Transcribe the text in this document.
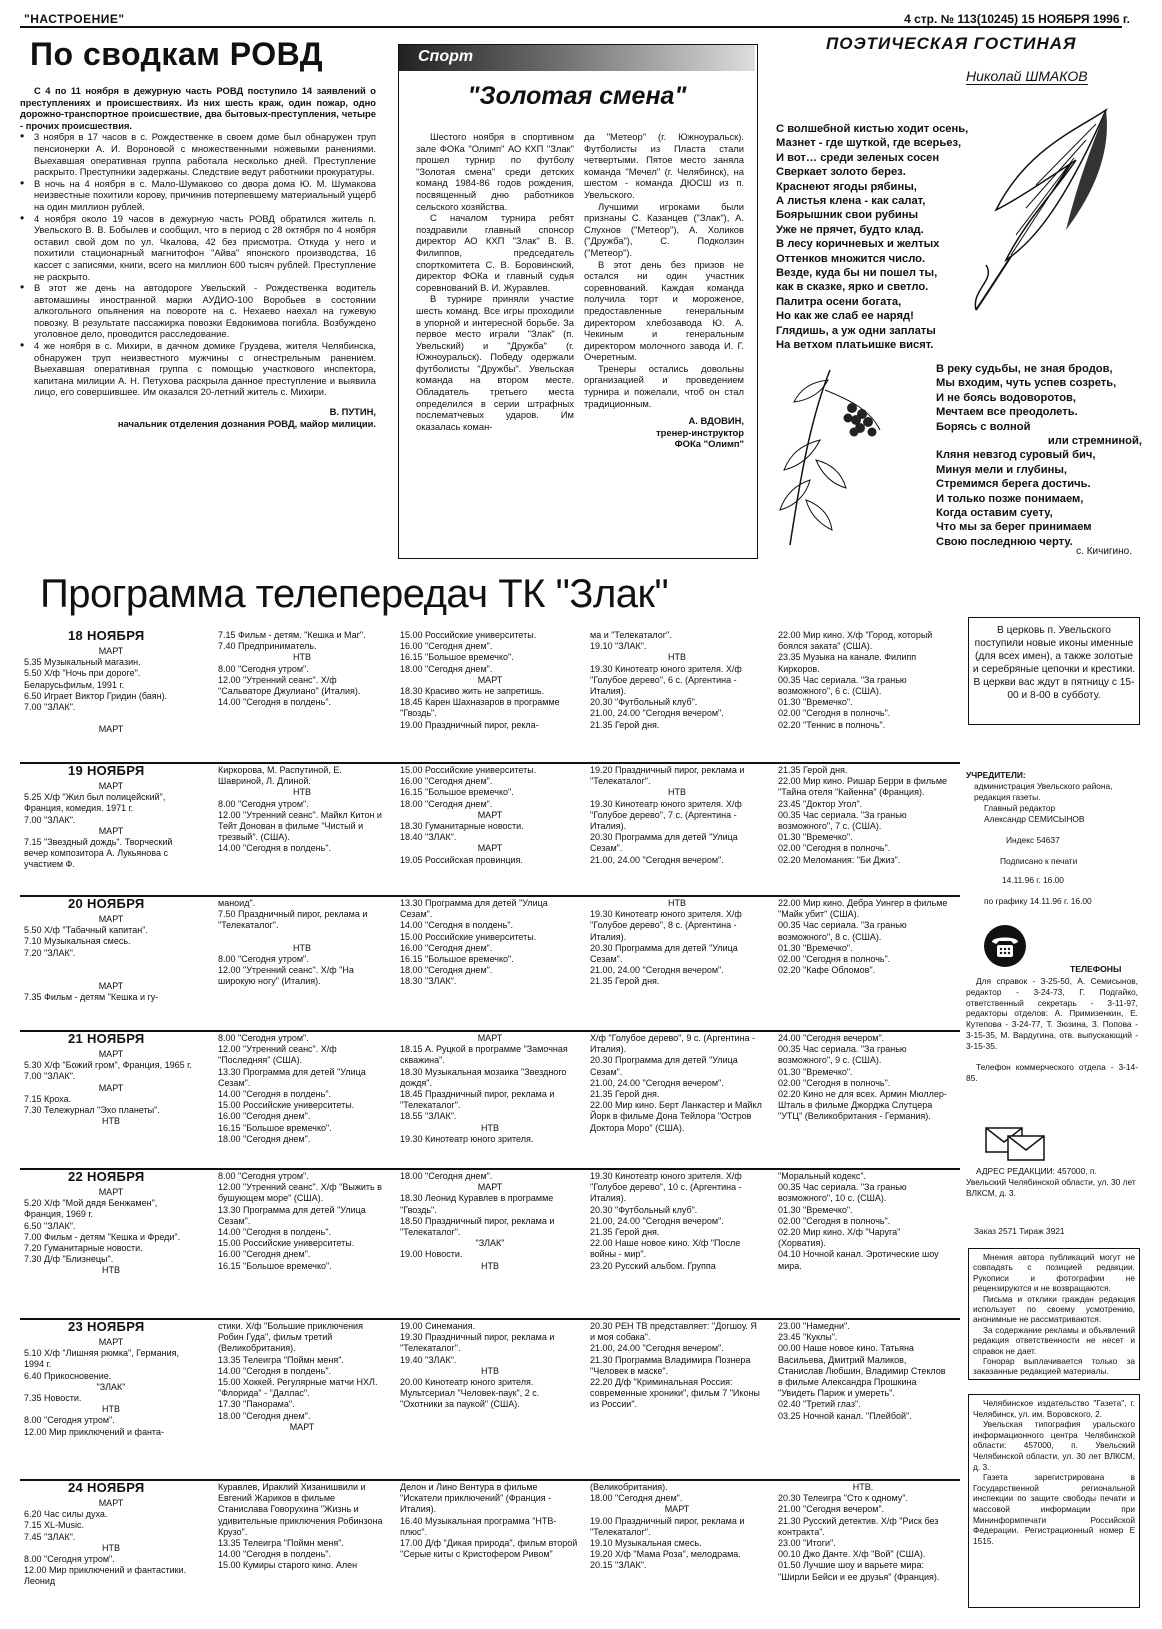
"НАСТРОЕНИЕ"	4 стр. № 113(10245) 15 НОЯБРЯ 1996 г.
По сводкам РОВД

С 4 по 11 ноября в дежурную часть РОВД поступило 14 заявлений о преступлениях и происшествиях. Из них шесть краж, один пожар, одно дорожно-транспортное происшествие, два бытовых-преступления, четыре - прочих происшествия.

• 3 ноября в 17 часов в с. Рождественке в своем доме был обнаружен труп пенсионерки А. И. Вороновой с множественными ножевыми ранениями. Выехавшая оперативная группа работала несколько дней. Преступление раскрыто. Преступники задержаны. Следствие ведут работники прокуратуры.

• В ночь на 4 ноября в с. Мало-Шумаково со двора дома Ю. М. Шумакова неизвестные похитили корову, причинив потерпевшему материальный ущерб на один миллион рублей.

• 4 ноября около 19 часов в дежурную часть РОВД обратился житель п. Увельского В. В. Бобылев и сообщил, что в период с 28 октября по 4 ноября оставил свой дом по ул. Чкалова, 42 без присмотра. Откуда у него и похитили стационарный магнитофон "Айва" японского производства, 16 кассет с записями, книги, всего на миллион 600 тысяч рублей. Преступление не раскрыто.

• В этот же день на автодороге Увельский - Рождественка водитель автомашины иностранной марки АУДИО-100 Воробьев в состоянии алкогольного опьянения на повороте на с. Нехаево наехал на гужевую повозку. В результате пассажирка повозки Евдокимова погибла. Возбуждено уголовное дело, проводится расследование.

• 4 же ноября в с. Михири, в дачном домике Груздева, жителя Челябинска, обнаружен труп неизвестного мужчины с огнестрельным ранением. Выехавшая оперативная группа с помощью участкового инспектора, капитана милиции А. Н. Петухова раскрыла данное преступление и выявила лицо, его совершившее. Им оказался 20-летний житель с. Михири.

В. ПУТИН,
начальник отделения дознания РОВД, майор милиции.
Спорт
"Золотая смена"

Шестого ноября в спортивном зале ФОКа "Олимп" АО КХП "Злак" прошел турнир по футболу "Золотая смена" среди детских команд 1984-86 годов рождения, посвященный дню работников сельского хозяйства.

С началом турнира ребят поздравили главный спонсор директор АО КХП "Злак" В. В. Филиппов, председатель спорткомитета С. В. Боровинский, директор ФОКа и главный судья соревнований В. И. Журавлев.

В турнире приняли участие шесть команд. Все игры проходили в упорной и интересной борьбе. За первое место играли "Злак" (п. Увельский) и "Дружба" (г. Южноуральск). Победу одержали футболисты "Дружбы". Увельская команда на втором месте. Обладатель третьего места определился в серии штрафных послематчевых ударов. Им оказалась коман-

да "Метеор" (г. Южноуральск). Футболисты из Пласта стали четвертыми. Пятое место заняла команда "Мечел" (г. Челябинск), на шестом - команда ДЮСШ из п. Увельского.

Лучшими игроками были признаны С. Казанцев ("Злак"), А. Слухнов ("Метеор"), А. Холиков ("Дружба"), С. Подколзин ("Метеор").

В этот день без призов не остался ни один участник соревнований. Каждая команда получила торт и мороженое, предоставленные генеральным директором хлебозавода Ю. А. Чекиным и генеральным директором молочного завода И. Г. Очеретным.

Тренеры остались довольны организацией и проведением турнира и пожелали, чтоб он стал традиционным.

А. ВДОВИН,
тренер-инструктор
ФОКа "Олимп"
ПОЭТИЧЕСКАЯ ГОСТИНАЯ
Николай ШМАКОВ
С волшебной кистью ходит осень,
Мазнет - где шуткой, где всерьез,
И вот… среди зеленых сосен
Сверкает золото берез.
Краснеют ягоды рябины,
А листья клена - как салат,
Боярышник свои рубины
Уже не прячет, будто клад.
В лесу коричневых и желтых
Оттенков множится число.
Везде, куда бы ни пошел ты,
как в сказке, ярко и светло.
Палитра осени богата,
Но как же слаб ее наряд!
Глядишь, а уж одни заплаты
На ветхом платьишке висят.
В реку судьбы, не зная бродов,
Мы входим, чуть успев созреть,
И не боясь водоворотов,
Мечтаем все преодолеть.
Борясь с волной
или стремниной,
Кляня невзгод суровый бич,
Минуя мели и глубины,
Стремимся берега достичь.
И только позже понимаем,
Когда оставим суету,
Что мы за берег принимаем
Свою последнюю черту.
с. Кичигино.
Программа телепередач ТК "Злак"
18 НОЯБРЯ
МАРТ
5.35 Музыкальный магазин.
5.50 Х/ф "Ночь при дороге". Беларусьфильм, 1991 г.
6.50 Играет Виктор Гридин (баян).
7.00 "ЗЛАК".

МАРТ
7.15 Фильм - детям. "Кешка и Маг".
7.40 Предприниматель.
НТВ
8.00 "Сегодня утром".
12.00 "Утренний сеанс". Х/ф "Сальваторе Джулиано" (Италия).
14.00 "Сегодня в полдень".
15.00 Российские университеты.
16.00 "Сегодня днем".
16.15 "Большое времечко".
18.00 "Сегодня днем".
МАРТ
18.30 Красиво жить не запретишь.
18.45 Карен Шахназаров в программе "Гвоздь".
19.00 Праздничный пирог, рекла-
ма и "Телекаталог".
19.10 "ЗЛАК".
НТВ
19.30 Кинотеатр юного зрителя. Х/ф "Голубое дерево", 6 с. (Аргентина - Италия).
20.30 "Футбольный клуб".
21.00, 24.00 "Сегодня вечером".
21.35 Герой дня.
22.00 Мир кино. Х/ф "Город, который боялся заката" (США).
23.35 Музыка на канале. Филипп Киркоров.
00.35 Час сериала. "За гранью возможного", 6 с. (США).
01.30 "Времечко".
02.00 "Сегодня в полночь".
02.20 "Теннис в полночь".
19 НОЯБРЯ
МАРТ
5.25 Х/ф "Жил был полицейский", Франция, комедия. 1971 г.
7.00 "ЗЛАК".
МАРТ
7.15 "Звездный дождь". Творческий вечер композитора А. Лукьянова с участием Ф.
Киркорова, М. Распутиной, Е. Шавриной, Л. Длиной.
НТВ
8.00 "Сегодня утром".
12.00 "Утренний сеанс". Майкл Китон и Тейт Донован в фильме "Чистый и трезвый". (США).
14.00 "Сегодня в полдень".
15.00 Российские университеты.
16.00 "Сегодня днем".
16.15 "Большое времечко".
18.00 "Сегодня днем".
МАРТ
18.30 Гуманитарные новости.
18.40 "ЗЛАК".
МАРТ
19.05 Российская провинция.
19.20 Праздничный пирог, реклама и "Телекаталог".
НТВ
19.30 Кинотеатр юного зрителя. Х/ф "Голубое дерево", 7 с. (Аргентина - Италия).
20.30 Программа для детей "Улица Сезам".
21.00, 24.00 "Сегодня вечером".
21.35 Герой дня.
22.00 Мир кино. Ришар Берри в фильме "Тайна отеля "Кайенна" (Франция).
23.45 "Доктор Угол".
00.35 Час сериала. "За гранью возможного", 7 с. (США).
01.30 "Времечко".
02.00 "Сегодня в полночь".
02.20 Меломания: "Би Джиз".
20 НОЯБРЯ
МАРТ
5.50 Х/ф "Табачный капитан".
7.10 Музыкальная смесь.
7.20 "ЗЛАК".

МАРТ
7.35 Фильм - детям "Кешка и гу-
маноид".
7.50 Праздничный пирог, реклама и "Телекаталог".

НТВ
8.00 "Сегодня утром".
12.00 "Утренний сеанс". Х/ф "На широкую ногу" (Италия).
13.30 Программа для детей "Улица Сезам".
14.00 "Сегодня в полдень".
15.00 Российские университеты.
16.00 "Сегодня днем".
16.15 "Большое времечко".
18.00 "Сегодня днем".
18.30 "ЗЛАК".
НТВ
19.30 Кинотеатр юного зрителя. Х/ф "Голубое дерево", 8 с. (Аргентина - Италия).
20.30 Программа для детей "Улица Сезам".
21.00, 24.00 "Сегодня вечером".
21.35 Герой дня.
22.00 Мир кино. Дебра Уингер в фильме "Майк убит" (США).
00.35 Час сериала. "За гранью возможного", 8 с. (США).
01.30 "Времечко".
02.00 "Сегодня в полночь".
02.20 "Кафе Обломов".
21 НОЯБРЯ
МАРТ
5.30 Х/ф "Божий гром", Франция, 1965 г.
7.00 "ЗЛАК".
МАРТ
7.15 Кроха.
7.30 Тележурнал "Эхо планеты".
НТВ
8.00 "Сегодня утром".
12.00 "Утренний сеанс". Х/ф "Последняя" (США).
13.30 Программа для детей "Улица Сезам".
14.00 "Сегодня в полдень".
15.00 Российские университеты.
16.00 "Сегодня днем".
16.15 "Большое времечко".
18.00 "Сегодня днем".
МАРТ
18.15 А. Руцкой в программе "Замочная скважина".
18.30 Музыкальная мозаика "Звездного дождя".
18.45 Праздничный пирог, реклама и "Телекаталог".
18.55 "ЗЛАК".
НТВ
19.30 Кинотеатр юного зрителя.
Х/ф "Голубое дерево", 9 с. (Аргентина - Италия).
20.30 Программа для детей "Улица Сезам".
21.00, 24.00 "Сегодня вечером".
21.35 Герой дня.
22.00 Мир кино. Берт Ланкастер и Майкл Йорк в фильме Дона Тейлора "Остров Доктора Моро" (США).
24.00 "Сегодня вечером".
00.35 Час сериала. "За гранью возможного", 9 с. (США).
01.30 "Времечко".
02.00 "Сегодня в полночь".
02.20 Кино не для всех. Армин Мюллер-Шталь в фильме Джорджа Слутцера "УТЦ" (Великобритания - Германия).
22 НОЯБРЯ
МАРТ
5.20 Х/ф "Мой дядя Бенжамен", Франция, 1969 г.
6.50 "ЗЛАК".
7.00 Фильм - детям "Кешка и Фреди".
7.20 Гуманитарные новости.
7.30 Д/ф "Близнецы".
НТВ
8.00 "Сегодня утром".
12.00 "Утренний сеанс". Х/ф "Выжить в бушующем море" (США).
13.30 Программа для детей "Улица Сезам".
14.00 "Сегодня в полдень".
15.00 Российские университеты.
16.00 "Сегодня днем".
16.15 "Большое времечко".
18.00 "Сегодня днем".
МАРТ
18.30 Леонид Куравлев в программе "Гвоздь".
18.50 Праздничный пирог, реклама и "Телекаталог".
"ЗЛАК"
19.00 Новости.
НТВ
19.30 Кинотеатр юного зрителя. Х/ф "Голубое дерево", 10 с. (Аргентина - Италия).
20.30 "Футбольный клуб".
21.00, 24.00 "Сегодня вечером".
21.35 Герой дня.
22.00 Наше новое кино. Х/ф "После войны - мир".
23.20 Русский альбом. Группа
"Моральный кодекс".
00.35 Час сериала. "За гранью возможного", 10 с. (США).
01.30 "Времечко".
02.00 "Сегодня в полночь".
02.20 Мир кино. Х/ф "Чаруга" (Хорватия).
04.10 Ночной канал. Эротические шоу мира.
23 НОЯБРЯ
МАРТ
5.10 Х/ф "Лишняя рюмка", Германия, 1994 г.
6.40 Прикосновение.
"ЗЛАК"
7.35 Новости.
НТВ
8.00 "Сегодня утром".
12.00 Мир приключений и фанта-
стики. Х/ф "Большие приключения Робин Гуда", фильм третий (Великобритания).
13.35 Телеигра "Поймн меня".
14.00 "Сегодня в полдень".
15.00 Хоккей. Регулярные матчи НХЛ. "Флорида" - "Даллас".
17.30 "Панорама".
18.00 "Сегодня днем".
МАРТ
19.00 Синемания.
19.30 Праздничный пирог, реклама и "Телекаталог".
19.40 "ЗЛАК".
НТВ
20.00 Кинотеатр юного зрителя. Мультсериал "Человек-паук", 2 с. "Охотники за паукой" (США).
20.30 РЕН ТВ представляет: "Догшоу. Я и моя собака".
21.00, 24.00 "Сегодня вечером".
21.30 Программа Владимира Познера "Человек в маске".
22.20 Д/ф "Криминальная Россия: современные хроники", фильм 7 "Иконы из России".
23.00 "Намедни".
23.45 "Куклы".
00.00 Наше новое кино. Татьяна Васильева, Дмитрий Маликов, Станислав Любшин, Владимир Стеклов в фильме Александра Прошкина "Увидеть Париж и умереть".
02.40 "Третий глаз".
03.25 Ночной канал. "Плейбой".
24 НОЯБРЯ
МАРТ
6.20 Час силы духа.
7.15 XL-Music.
7.45 "ЗЛАК".
НТВ
8.00 "Сегодня утром".
12.00 Мир приключений и фантастики. Леонид
Куравлев, Ираклий Хизанишвили и Евгений Жариков в фильме Станислава Говорухина "Жизнь и удивительные приключения Робинзона Крузо".
13.35 Телеигра "Поймн меня".
14.00 "Сегодня в полдень".
15.00 Кумиры старого кино. Ален
Делон и Лино Вентура в фильме "Искатели приключений" (Франция - Италия).
16.40 Музыкальная программа "НТВ-плюс".
17.00 Д/ф "Дикая природа", фильм второй "Серые киты с Кристофером Ривом"
(Великобритания).
18.00 "Сегодня днем".
МАРТ
19.00 Праздничный пирог, реклама и "Телекаталог".
19.10 Музыкальная смесь.
19.20 Х/ф "Мама Роза", мелодрама.
20.15 "ЗЛАК".
НТВ.
20.30 Телеигра "Сто к одному".
21.00 "Сегодня вечером".
21.30 Русский детектив. Х/ф "Риск без контракта".
23.00 "Итоги".
00.10 Джо Данте. Х/ф "Вой" (США).
01.50 Лучшие шоу и варьете мира: "Ширли Бейси и ее друзья" (Франция).
В церковь п. Увельского поступили новые иконы именные (для всех имен), а также золотые и серебряные цепочки и крестики. В церкви вас ждут в пятницу с 15-00 и 8-00 в субботу.
УЧРЕДИТЕЛИ:
администрация Увельского района, редакция газеты.
Главный редактор
Александр СЕМИСЫНОВ
Индекс 54637
Подписано к печати
14.11.96 г. 16.00
по графику 14.11.96 г. 16.00
ТЕЛЕФОНЫ
Для справок - 3-25-50, А. Семисынов, редактор - 3-24-73, Г. Подгайко, ответственный секретарь - 3-11-97, редакторы отделов: А. Примизенкин, Е. Кутепова - 3-24-77, Т. Зюзина, З. Попова - 3-15-35, М. Вардугина, отв. выпускающий - 3-15-35.
Телефон коммерческого отдела - 3-14-85.
АДРЕС РЕДАКЦИИ: 457000, п. Увельский Челябинской области, ул. 30 лет ВЛКСМ, д. 3.
Заказ 2571 Тираж 3921
Мнения автора публикаций могут не совпадать с позицией редакции. Рукописи и фотографии не рецензируются и не возвращаются.
Письма и отклики граждан редакция использует по своему усмотрению, анонимные не рассматриваются.
За содержание рекламы и объявлений редакция ответственности не несет и справок не дает.
Гонорар выплачивается только за заказанные редакцией материалы.
Челябинское издательство "Газета", г. Челябинск, ул. им. Воровского, 2.
Увельская типография уральского информационного центра Челябинской области: 457000, п. Увельский Челябинской области, ул. 30 лет ВЛКСМ, д. 3.
Газета зарегистрирована в Государственной региональной инспекции по защите свободы печати и массовой информации при Мининформпечати Российской Федерации. Регистрационный номер Е 1515.
